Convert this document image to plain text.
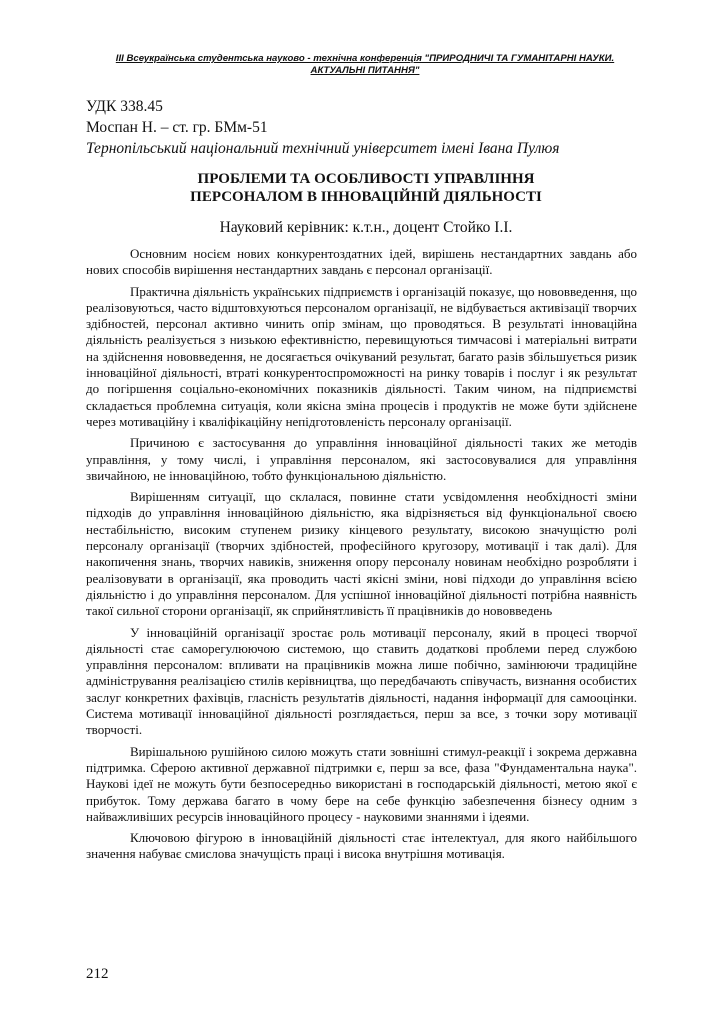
ІІІ Всеукраїнська студентська науково - технічна конференція "ПРИРОДНИЧІ ТА ГУМАНІТАРНІ НАУКИ.
АКТУАЛЬНІ ПИТАННЯ"
УДК 338.45
Моспан Н. – ст. гр. БМм-51
Тернопільський національний технічний університет імені Івана Пулюя
ПРОБЛЕМИ ТА ОСОБЛИВОСТІ УПРАВЛІННЯ
ПЕРСОНАЛОМ В ІННОВАЦІЙНІЙ ДІЯЛЬНОСТІ
Науковий керівник: к.т.н., доцент Стойко І.І.

Основним носієм нових конкурентоздатних ідей, вирішень нестандартних завдань або нових способів вирішення нестандартних завдань є персонал організації.

Практична діяльність українських підприємств і організацій показує, що нововведення, що реалізовуються, часто відштовхуються персоналом організації, не відбувається активізації творчих здібностей, персонал активно чинить опір змінам, що проводяться. В результаті інноваційна діяльність реалізується з низькою ефективністю, перевищуються тимчасові і матеріальні витрати на здійснення нововведення, не досягається очікуваний результат, багато разів збільшується ризик інноваційної діяльності, втраті конкурентоспроможності на ринку товарів і послуг і як результат до погіршення соціально-економічних показників діяльності. Таким чином, на підприємстві складається проблемна ситуація, коли якісна зміна процесів і продуктів не може бути здійснене через мотиваційну і кваліфікаційну непідготовленість персоналу організації.

Причиною є застосування до управління інноваційної діяльності таких же методів управління, у тому числі, і управління персоналом, які застосовувалися для управління звичайною, не інноваційною, тобто функціональною діяльністю.

Вирішенням ситуації, що склалася, повинне стати усвідомлення необхідності зміни підходів до управління інноваційною діяльністю, яка відрізняється від функціональної своєю нестабільністю, високим ступенем ризику кінцевого результату, високою значущістю ролі персоналу організації (творчих здібностей, професійного кругозору, мотивації і так далі). Для накопичення знань, творчих навиків, зниження опору персоналу новинам необхідно розробляти і реалізовувати в організації, яка проводить часті якісні зміни, нові підходи до управління всією діяльністю і до управління персоналом. Для успішної інноваційної діяльності потрібна наявність такої сильної сторони організації, як сприйнятливість її працівників до нововведень

У інноваційній організації зростає роль мотивації персоналу, який в процесі творчої діяльності стає саморегулюючою системою, що ставить додаткові проблеми перед службою управління персоналом: впливати на працівників можна лише побічно, замінюючи традиційне адміністрування реалізацією стилів керівництва, що передбачають співучасть, визнання особистих заслуг конкретних фахівців, гласність результатів діяльності, надання інформації для самооцінки. Система мотивації інноваційної діяльності розглядається, перш за все, з точки зору мотивації творчості.

Вирішальною рушійною силою можуть стати зовнішні стимул-реакції і зокрема державна підтримка. Сферою активної державної підтримки є, перш за все, фаза "Фундаментальна наука". Наукові ідеї не можуть бути безпосередньо використані в господарській діяльності, метою якої є прибуток. Тому держава багато в чому бере на себе функцію забезпечення бізнесу одним з найважливіших ресурсів інноваційного процесу - науковими знаннями і ідеями.

Ключовою фігурою в інноваційній діяльності стає інтелектуал, для якого найбільшого значення набуває смислова значущість праці і висока внутрішня мотивація.

212
